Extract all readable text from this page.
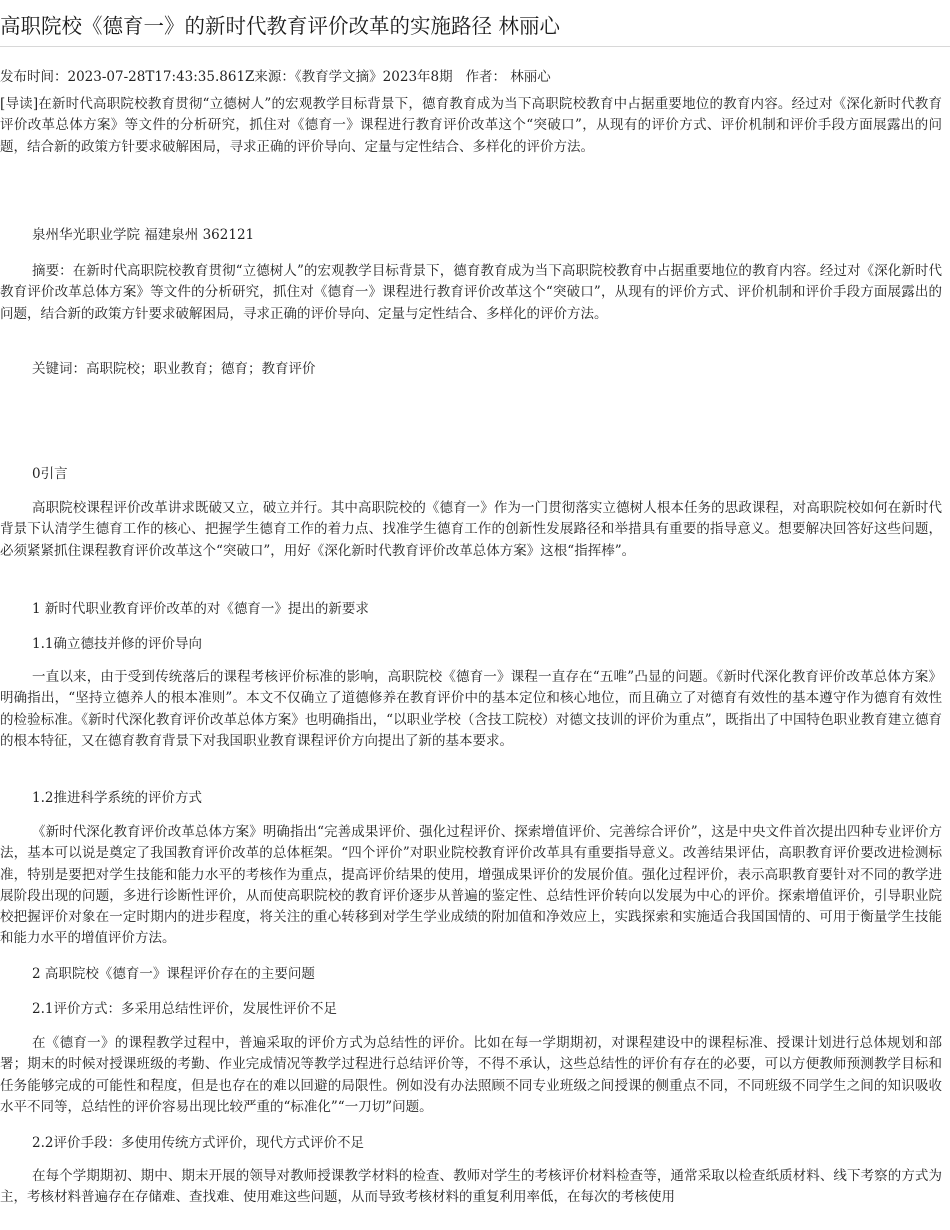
高职院校《德育一》的新时代教育评价改革的实施路径 林丽心
发布时间：2023-07-28T17:43:35.861Z来源：《教育学文摘》2023年8期 作者： 林丽心

[导读]在新时代高职院校教育贯彻“立德树人”的宏观教学目标背景下，德育教育成为当下高职院校教育中占据重要地位的教育内容。经过对《深化新时代教育评价改革总体方案》等文件的分析研究，抓住对《德育一》课程进行教育评价改革这个“突破口”，从现有的评价方式、评价机制和评价手段方面展露出的问题，结合新的政策方针要求破解困局，寻求正确的评价导向、定量与定性结合、多样化的评价方法。

泉州华光职业学院 福建泉州 362121

摘要：在新时代高职院校教育贯彻“立德树人”的宏观教学目标背景下，德育教育成为当下高职院校教育中占据重要地位的教育内容。经过对《深化新时代教育评价改革总体方案》等文件的分析研究，抓住对《德育一》课程进行教育评价改革这个“突破口”，从现有的评价方式、评价机制和评价手段方面展露出的问题，结合新的政策方针要求破解困局，寻求正确的评价导向、定量与定性结合、多样化的评价方法。

关键词：高职院校；职业教育；德育；教育评价

0引言

高职院校课程评价改革讲求既破又立，破立并行。其中高职院校的《德育一》作为一门贯彻落实立德树人根本任务的思政课程，对高职院校如何在新时代背景下认清学生德育工作的核心、把握学生德育工作的着力点、找准学生德育工作的创新性发展路径和举措具有重要的指导意义。想要解决回答好这些问题，必须紧紧抓住课程教育评价改革这个“突破口”，用好《深化新时代教育评价改革总体方案》这根“指挥棒”。

1 新时代职业教育评价改革的对《德育一》提出的新要求

1.1确立德技并修的评价导向

一直以来，由于受到传统落后的课程考核评价标准的影响，高职院校《德育一》课程一直存在“五唯”凸显的问题。《新时代深化教育评价改革总体方案》明确指出，“坚持立德养人的根本准则”。本文不仅确立了道德修养在教育评价中的基本定位和核心地位，而且确立了对德育有效性的基本遵守作为德育有效性的检验标准。《新时代深化教育评价改革总体方案》也明确指出，“以职业学校（含技工院校）对德文技训的评价为重点”，既指出了中国特色职业教育建立德育的根本特征，又在德育教育背景下对我国职业教育课程评价方向提出了新的基本要求。

1.2推进科学系统的评价方式

《新时代深化教育评价改革总体方案》明确指出“完善成果评价、强化过程评价、探索增值评价、完善综合评价”，这是中央文件首次提出四种专业评价方法，基本可以说是奠定了我国教育评价改革的总体框架。“四个评价”对职业院校教育评价改革具有重要指导意义。改善结果评估，高职教育评价要改进检测标准，特别是要把对学生技能和能力水平的考核作为重点，提高评价结果的使用，增强成果评价的发展价值。强化过程评价，表示高职教育要针对不同的教学进展阶段出现的问题，多进行诊断性评价，从而使高职院校的教育评价逐步从普遍的鉴定性、总结性评价转向以发展为中心的评价。探索增值评价，引导职业院校把握评价对象在一定时期内的进步程度，将关注的重心转移到对学生学业成绩的附加值和净效应上，实践探索和实施适合我国国情的、可用于衡量学生技能和能力水平的增值评价方法。

2 高职院校《德育一》课程评价存在的主要问题

2.1评价方式：多采用总结性评价，发展性评价不足

在《德育一》的课程教学过程中，普遍采取的评价方式为总结性的评价。比如在每一学期期初，对课程建设中的课程标准、授课计划进行总体规划和部署；期末的时候对授课班级的考勤、作业完成情况等教学过程进行总结评价等，不得不承认，这些总结性的评价有存在的必要，可以方便教师预测教学目标和任务能够完成的可能性和程度，但是也存在的难以回避的局限性。例如没有办法照顾不同专业班级之间授课的侧重点不同，不同班级不同学生之间的知识吸收水平不同等，总结性的评价容易出现比较严重的“标准化”“一刀切”问题。

2.2评价手段：多使用传统方式评价，现代方式评价不足

在每个学期期初、期中、期末开展的领导对教师授课教学材料的检查、教师对学生的考核评价材料检查等，通常采取以检查纸质材料、线下考察的方式为主，考核材料普遍存在存储难、查找难、使用难这些问题，从而导致考核材料的重复利用率低，在每次的考核使用
